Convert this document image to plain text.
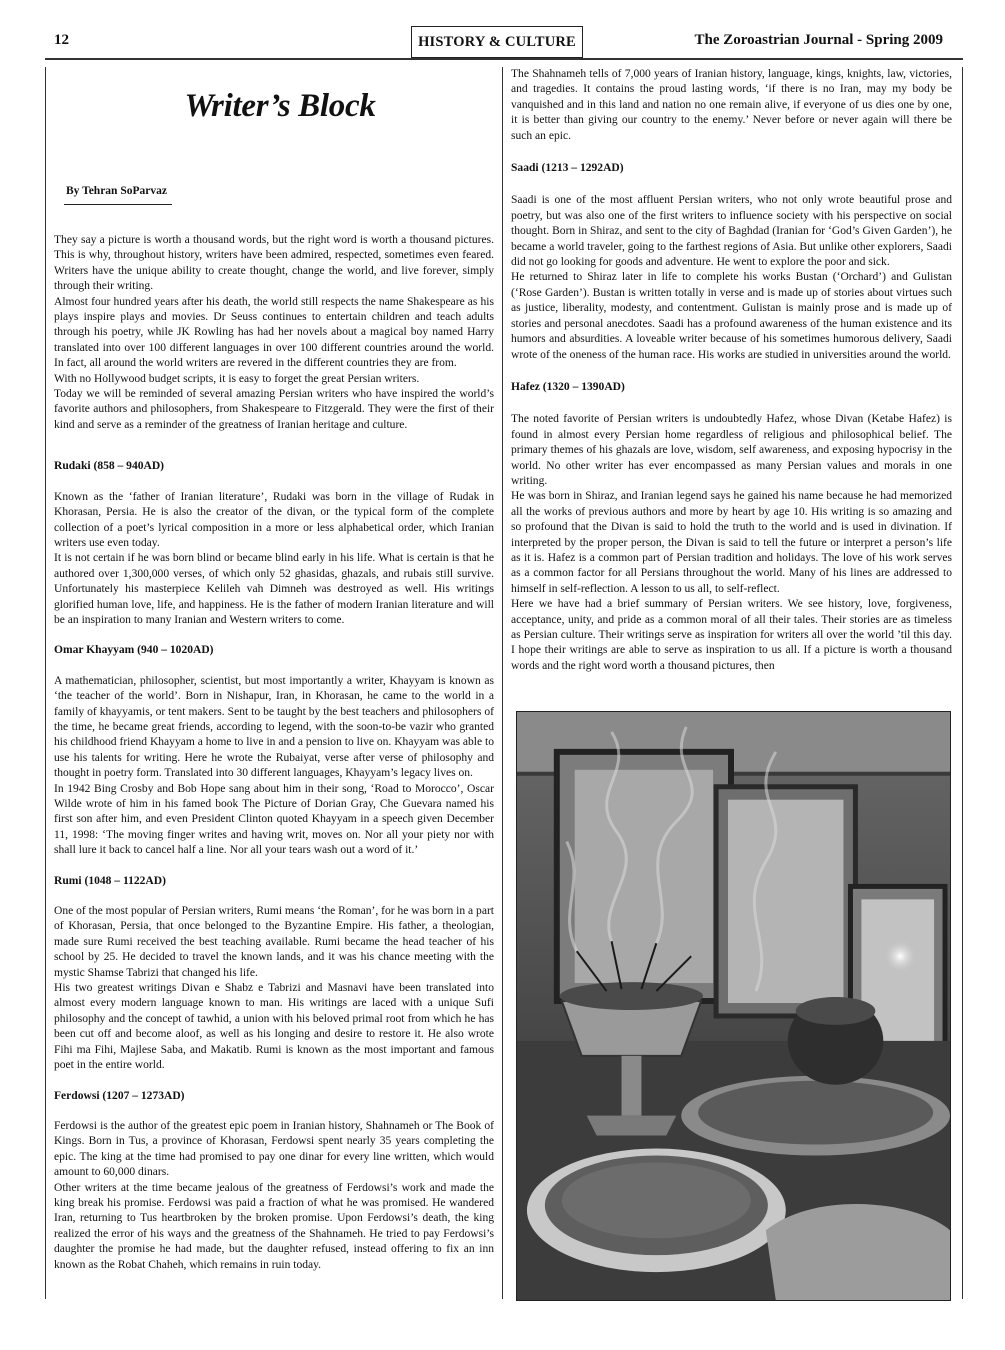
12	HISTORY & CULTURE	The Zoroastrian Journal - Spring 2009
Writer’s Block
By Tehran SoParvaz

They say a picture is worth a thousand words, but the right word is worth a thousand pictures. This is why, throughout history, writers have been admired, respected, sometimes even feared. Writers have the unique ability to create thought, change the world, and live forever, simply through their writing.

Almost four hundred years after his death, the world still respects the name Shakespeare as his plays inspire plays and movies. Dr Seuss continues to entertain children and teach adults through his poetry, while JK Rowling has had her novels about a magical boy named Harry translated into over 100 different languages in over 100 different countries around the world. In fact, all around the world writers are revered in the different countries they are from.

With no Hollywood budget scripts, it is easy to forget the great Persian writers.

Today we will be reminded of several amazing Persian writers who have inspired the world’s favorite authors and philosophers, from Shakespeare to Fitzgerald. They were the first of their kind and serve as a reminder of the greatness of Iranian heritage and culture.

Rudaki (858 – 940AD)

Known as the ‘father of Iranian literature’, Rudaki was born in the village of Rudak in Khorasan, Persia. He is also the creator of the divan, or the typical form of the complete collection of a poet’s lyrical composition in a more or less alphabetical order, which Iranian writers use even today.

It is not certain if he was born blind or became blind early in his life. What is certain is that he authored over 1,300,000 verses, of which only 52 ghasidas, ghazals, and rubais still survive. Unfortunately his masterpiece Kelileh vah Dimneh was destroyed as well. His writings glorified human love, life, and happiness. He is the father of modern Iranian literature and will be an inspiration to many Iranian and Western writers to come.

Omar Khayyam (940 – 1020AD)

A mathematician, philosopher, scientist, but most importantly a writer, Khayyam is known as ‘the teacher of the world’. Born in Nishapur, Iran, in Khorasan, he came to the world in a family of khayyamis, or tent makers. Sent to be taught by the best teachers and philosophers of the time, he became great friends, according to legend, with the soon-to-be vazir who granted his childhood friend Khayyam a home to live in and a pension to live on. Khayyam was able to use his talents for writing. Here he wrote the Rubaiyat, verse after verse of philosophy and thought in poetry form. Translated into 30 different languages, Khayyam’s legacy lives on.

In 1942 Bing Crosby and Bob Hope sang about him in their song, ‘Road to Morocco’, Oscar Wilde wrote of him in his famed book The Picture of Dorian Gray, Che Guevara named his first son after him, and even President Clinton quoted Khayyam in a speech given December 11, 1998: ‘The moving finger writes and having writ, moves on. Nor all your piety nor with shall lure it back to cancel half a line. Nor all your tears wash out a word of it.’

Rumi (1048 – 1122AD)

One of the most popular of Persian writers, Rumi means ‘the Roman’, for he was born in a part of Khorasan, Persia, that once belonged to the Byzantine Empire. His father, a theologian, made sure Rumi received the best teaching available. Rumi became the head teacher of his school by 25. He decided to travel the known lands, and it was his chance meeting with the mystic Shamse Tabrizi that changed his life.

His two greatest writings Divan e Shabz e Tabrizi and Masnavi have been translated into almost every modern language known to man. His writings are laced with a unique Sufi philosophy and the concept of tawhid, a union with his beloved primal root from which he has been cut off and become aloof, as well as his longing and desire to restore it. He also wrote Fihi ma Fihi, Majlese Saba, and Makatib. Rumi is known as the most important and famous poet in the entire world.

Ferdowsi (1207 – 1273AD)

Ferdowsi is the author of the greatest epic poem in Iranian history, Shahnameh or The Book of Kings. Born in Tus, a province of Khorasan, Ferdowsi spent nearly 35 years completing the epic. The king at the time had promised to pay one dinar for every line written, which would amount to 60,000 dinars.

Other writers at the time became jealous of the greatness of Ferdowsi’s work and made the king break his promise. Ferdowsi was paid a fraction of what he was promised. He wandered Iran, returning to Tus heartbroken by the broken promise. Upon Ferdowsi’s death, the king realized the error of his ways and the greatness of the Shahnameh. He tried to pay Ferdowsi’s daughter the promise he had made, but the daughter refused, instead offering to fix an inn known as the Robat Chaheh, which remains in ruin today.

The Shahnameh tells of 7,000 years of Iranian history, language, kings, knights, law, victories, and tragedies. It contains the proud lasting words, ‘if there is no Iran, may my body be vanquished and in this land and nation no one remain alive, if everyone of us dies one by one, it is better than giving our country to the enemy.’ Never before or never again will there be such an epic.

Saadi (1213 – 1292AD)

Saadi is one of the most affluent Persian writers, who not only wrote beautiful prose and poetry, but was also one of the first writers to influence society with his perspective on social thought. Born in Shiraz, and sent to the city of Baghdad (Iranian for ‘God’s Given Garden’), he became a world traveler, going to the farthest regions of Asia. But unlike other explorers, Saadi did not go looking for goods and adventure. He went to explore the poor and sick.

He returned to Shiraz later in life to complete his works Bustan (‘Orchard’) and Gulistan (‘Rose Garden’). Bustan is written totally in verse and is made up of stories about virtues such as justice, liberality, modesty, and contentment. Gulistan is mainly prose and is made up of stories and personal anecdotes. Saadi has a profound awareness of the human existence and its humors and absurdities. A loveable writer because of his sometimes humorous delivery, Saadi wrote of the oneness of the human race. His works are studied in universities around the world.

Hafez (1320 – 1390AD)

The noted favorite of Persian writers is undoubtedly Hafez, whose Divan (Ketabe Hafez) is found in almost every Persian home regardless of religious and philosophical belief. The primary themes of his ghazals are love, wisdom, self awareness, and exposing hypocrisy in the world. No other writer has ever encompassed as many Persian values and morals in one writing.

He was born in Shiraz, and Iranian legend says he gained his name because he had memorized all the works of previous authors and more by heart by age 10. His writing is so amazing and so profound that the Divan is said to hold the truth to the world and is used in divination. If interpreted by the proper person, the Divan is said to tell the future or interpret a person’s life as it is. Hafez is a common part of Persian tradition and holidays. The love of his work serves as a common factor for all Persians throughout the world. Many of his lines are addressed to himself in self-reflection. A lesson to us all, to self-reflect.

Here we have had a brief summary of Persian writers. We see history, love, forgiveness, acceptance, unity, and pride as a common moral of all their tales. Their stories are as timeless as Persian culture. Their writings serve as inspiration for writers all over the world ’til this day. I hope their writings are able to serve as inspiration to us all. If a picture is worth a thousand words and the right word worth a thousand pictures, then
